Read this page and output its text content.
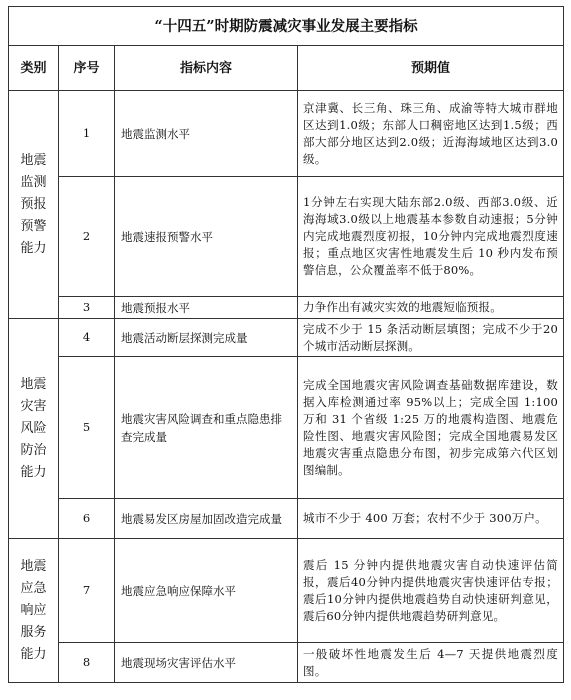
“十四五”时期防震减灾事业发展主要指标			
类别	序号	指标内容	预期值
地震监测预报预警能力	1	地震监测水平	京津冀、长三角、珠三角、成渝等特大城市群地区达到1.0级；东部人口稠密地区达到1.5级；西部大部分地区达到2.0级；近海海域地区达到3.0级。
	2	地震速报预警水平	1分钟左右实现大陆东部2.0级、西部3.0级、近海海域3.0级以上地震基本参数自动速报；5分钟内完成地震烈度初报，10分钟内完成地震烈度速报；重点地区灾害性地震发生后 10 秒内发布预警信息，公众覆盖率不低于80%。
	3	地震预报水平	力争作出有减灾实效的地震短临预报。
地震灾害风险防治能力	4	地震活动断层探测完成量	完成不少于 15 条活动断层填图；完成不少于20个城市活动断层探测。
	5	地震灾害风险调查和重点隐患排查完成量	完成全国地震灾害风险调查基础数据库建设，数据入库检测通过率 95%以上；完成全国 1:100 万和 31 个省级 1:25 万的地震构造图、地震危险性图、地震灾害风险图；完成全国地震易发区地震灾害重点隐患分布图，初步完成第六代区划图编制。
	6	地震易发区房屋加固改造完成量	城市不少于 400 万套；农村不少于 300万户。
地震应急响应服务能力	7	地震应急响应保障水平	震后 15 分钟内提供地震灾害自动快速评估简报，震后40分钟内提供地震灾害快速评估专报；震后10分钟内提供地震趋势自动快速研判意见，震后60分钟内提供地震趋势研判意见。
	8	地震现场灾害评估水平	一般破坏性地震发生后 4—7 天提供地震烈度图。
